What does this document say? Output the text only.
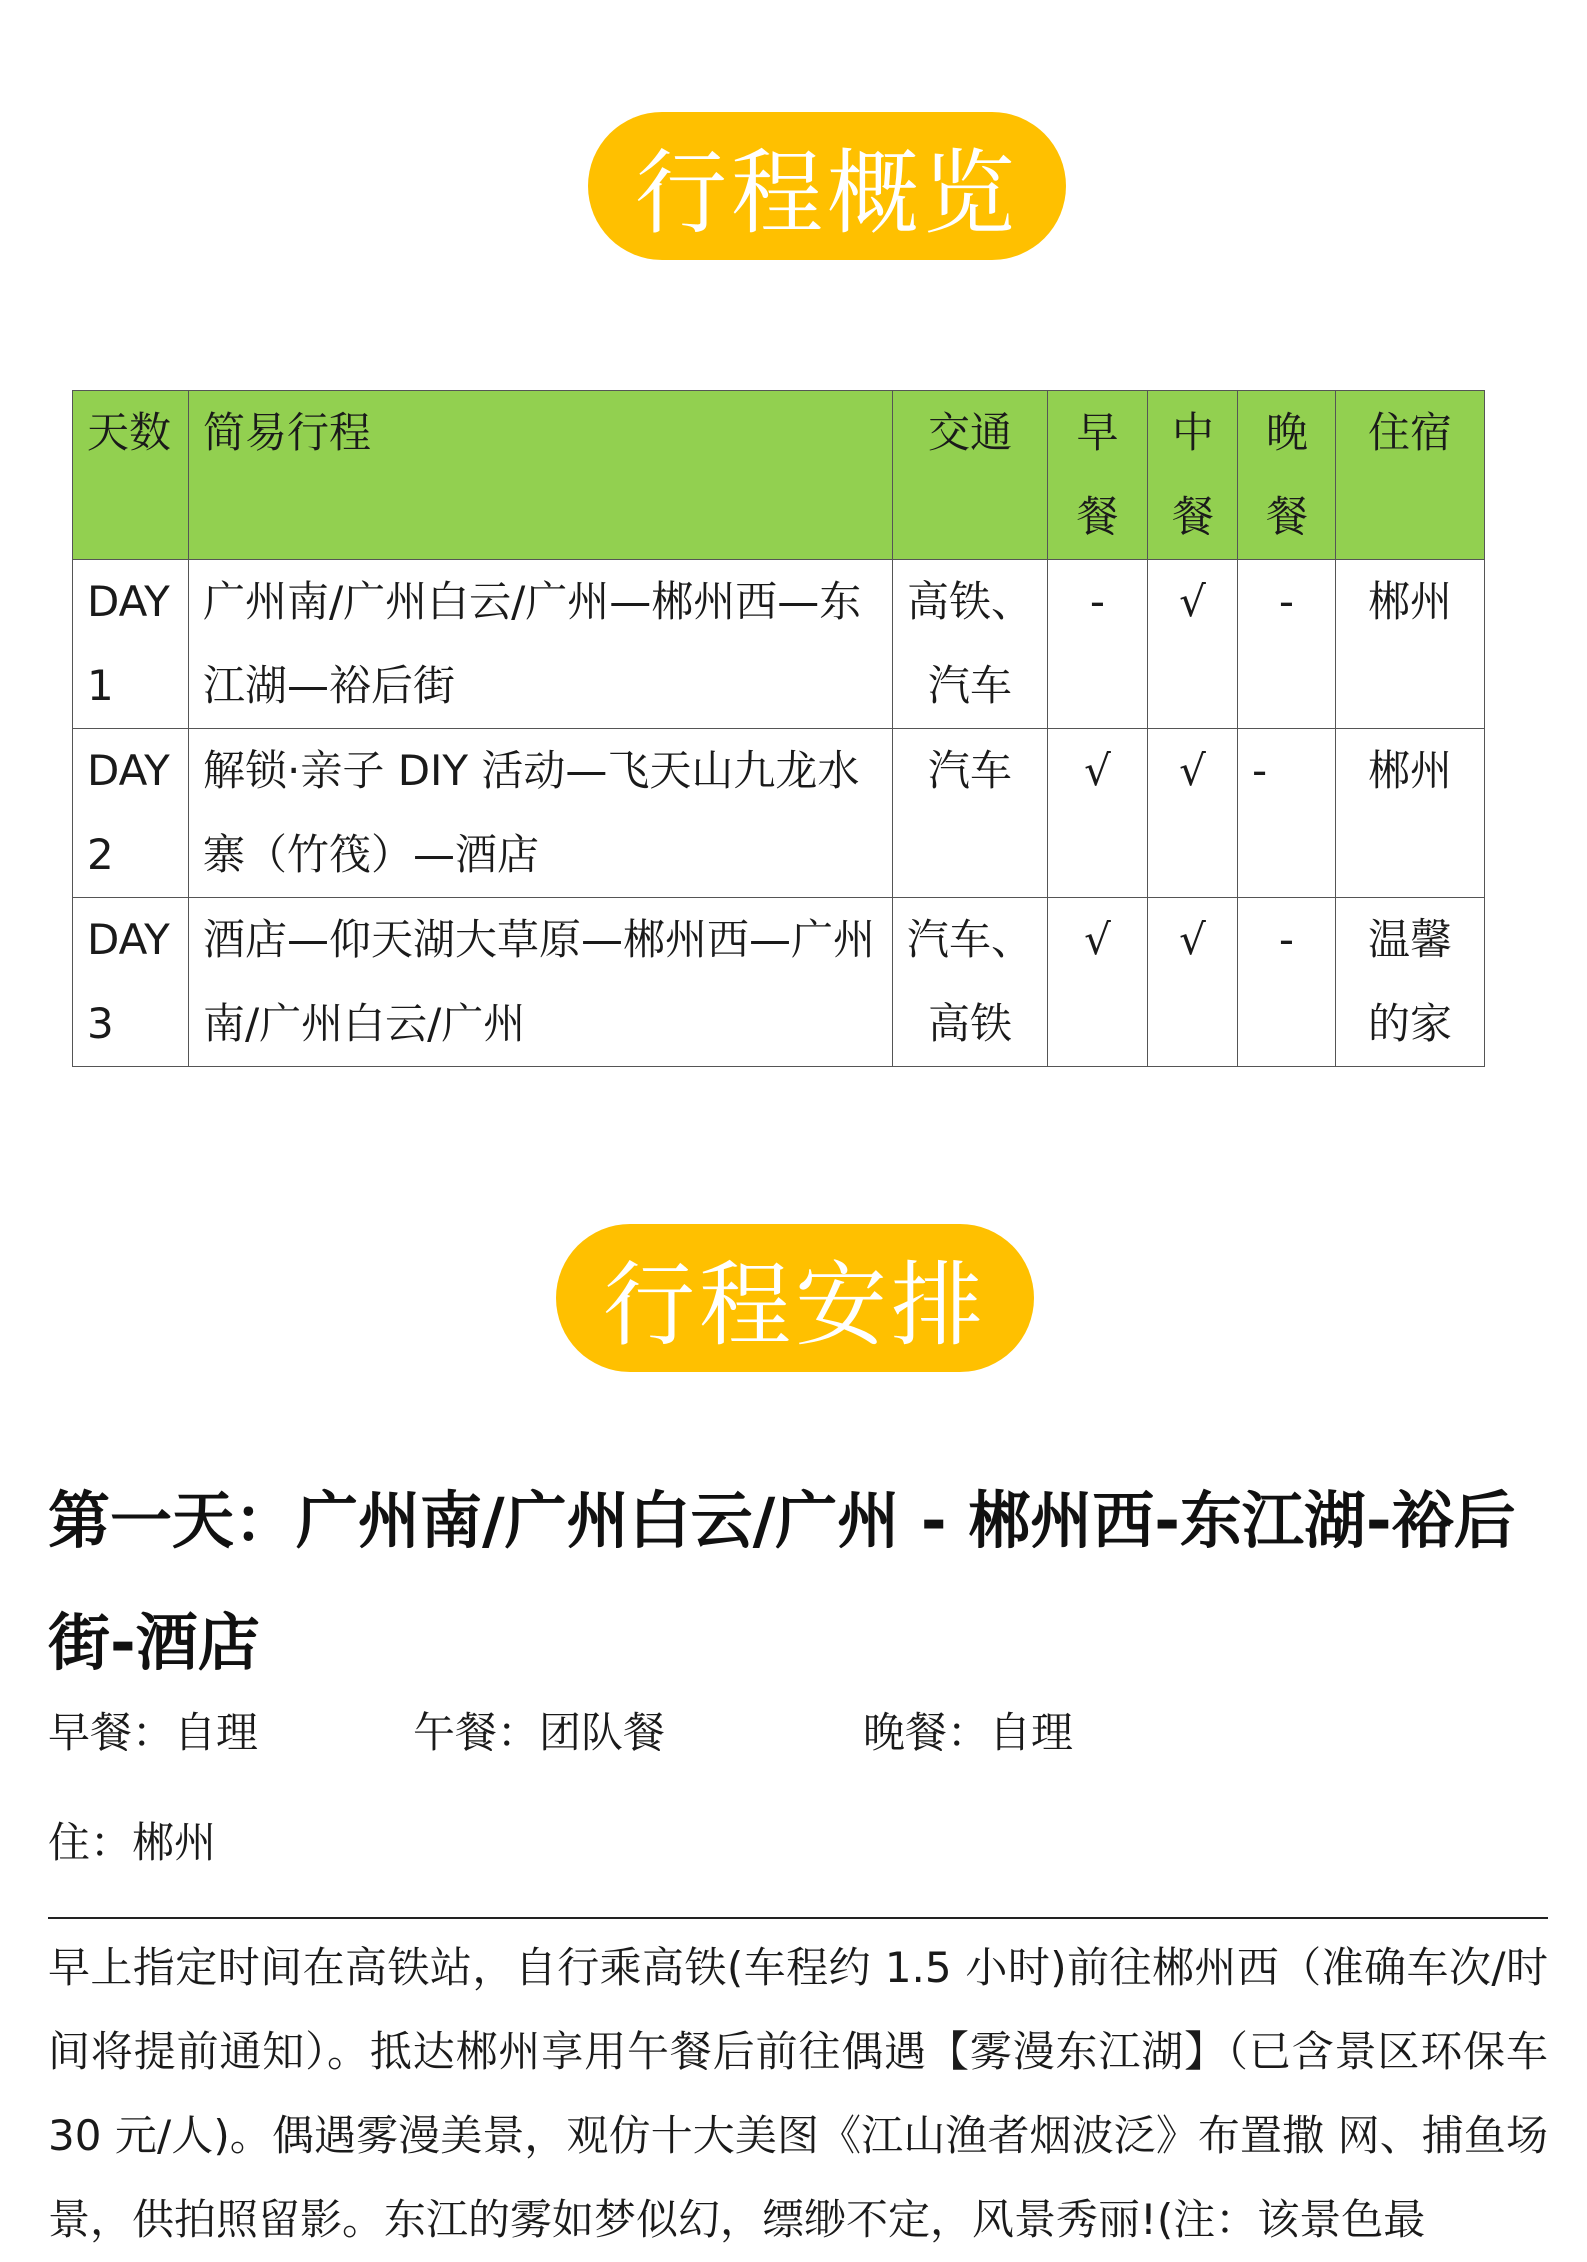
行程概览
天数	简易行程	交通	早餐	中餐	晚餐	住宿
DAY1	广州南/广州白云/广州—郴州西—东江湖—裕后街	高铁、汽车	-	√	-	郴州
DAY2	解锁·亲子 DIY 活动—飞天山九龙水寨（竹筏）—酒店	汽车	√	√	-	郴州
DAY3	酒店—仰天湖大草原—郴州西—广州南/广州白云/广州	汽车、高铁	√	√	-	温馨的家
行程安排
第一天：广州南/广州白云/广州 - 郴州西-东江湖-裕后街-酒店
早餐：自理	午餐：团队餐	晚餐：自理
住：郴州

早上指定时间在高铁站，自行乘高铁(车程约 1.5 小时)前往郴州西（准确车次/时间将提前通知）。抵达郴州享用午餐后前往偶遇【雾漫东江湖】（已含景区环保车 30 元/人)。偶遇雾漫美景，观仿十大美图《江山渔者烟波泛》布置撒 网、捕鱼场景，供拍照留影。东江的雾如梦似幻，缥缈不定，风景秀丽!(注：该景色最
